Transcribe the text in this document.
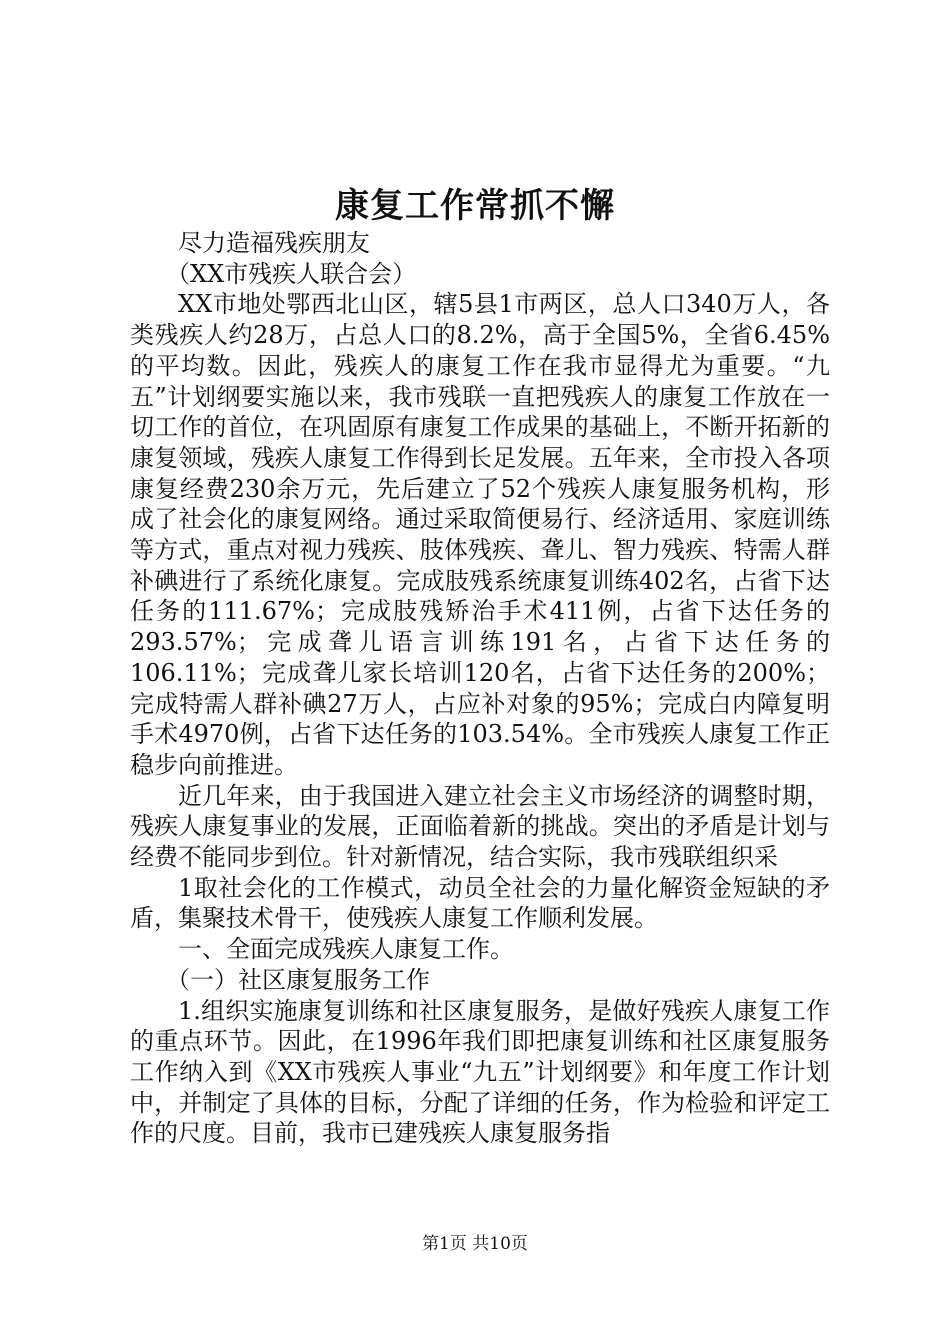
康复工作常抓不懈

尽力造福残疾朋友

（XX市残疾人联合会）

XX市地处鄂西北山区，辖5县1市两区，总人口340万人，各类残疾人约28万，占总人口的8.2%，高于全国5%，全省6.45%的平均数。因此，残疾人的康复工作在我市显得尤为重要。“九五”计划纲要实施以来，我市残联一直把残疾人的康复工作放在一切工作的首位，在巩固原有康复工作成果的基础上，不断开拓新的康复领域，残疾人康复工作得到长足发展。五年来，全市投入各项康复经费230余万元，先后建立了52个残疾人康复服务机构，形成了社会化的康复网络。通过采取简便易行、经济适用、家庭训练等方式，重点对视力残疾、肢体残疾、聋儿、智力残疾、特需人群补碘进行了系统化康复。完成肢残系统康复训练402名，占省下达任务的111.67%；完成肢残矫治手术411例，占省下达任务的293.57%；完成聋儿语言训练191名，占省下达任务的106.11%；完成聋儿家长培训120名，占省下达任务的200%；完成特需人群补碘27万人，占应补对象的95%；完成白内障复明手术4970例，占省下达任务的103.54%。全市残疾人康复工作正稳步向前推进。

近几年来，由于我国进入建立社会主义市场经济的调整时期，残疾人康复事业的发展，正面临着新的挑战。突出的矛盾是计划与经费不能同步到位。针对新情况，结合实际，我市残联组织采

1取社会化的工作模式，动员全社会的力量化解资金短缺的矛盾，集聚技术骨干，使残疾人康复工作顺利发展。

一、全面完成残疾人康复工作。

（一）社区康复服务工作

1.组织实施康复训练和社区康复服务，是做好残疾人康复工作的重点环节。因此，在1996年我们即把康复训练和社区康复服务工作纳入到《XX市残疾人事业“九五”计划纲要》和年度工作计划中，并制定了具体的目标，分配了详细的任务，作为检验和评定工作的尺度。目前，我市已建残疾人康复服务指

第1页 共10页
